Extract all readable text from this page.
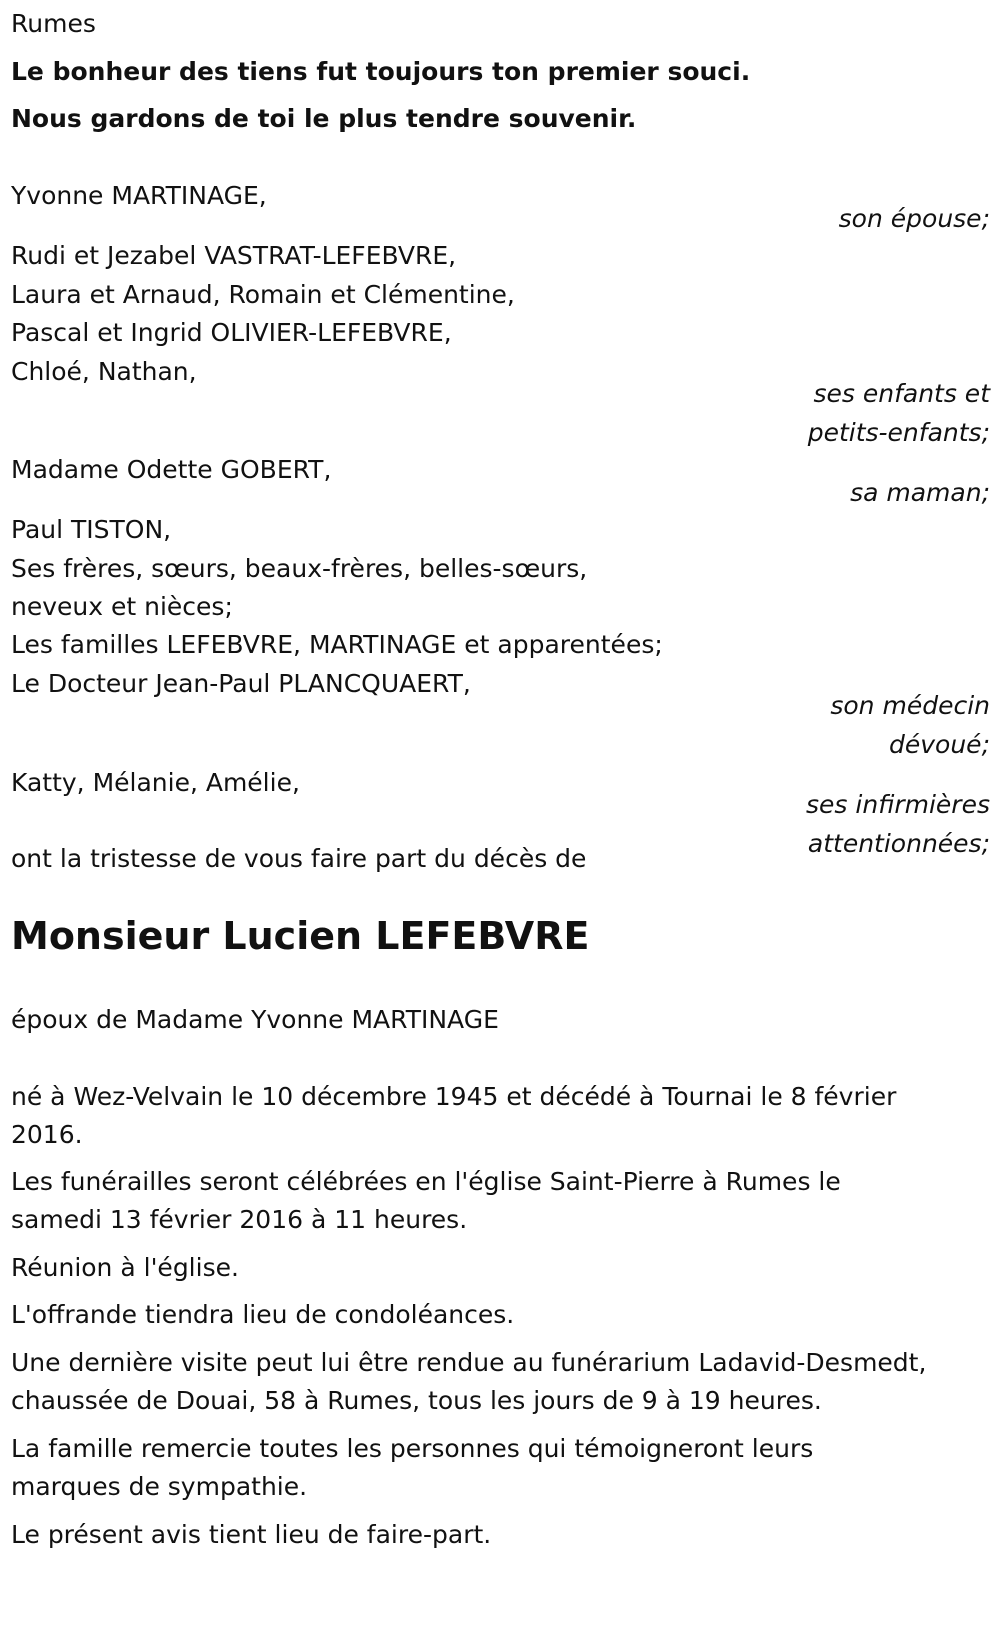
Rumes
Le bonheur des tiens fut toujours ton premier souci.
Nous gardons de toi le plus tendre souvenir.
Yvonne MARTINAGE,
son épouse;
Rudi et Jezabel VASTRAT-LEFEBVRE,
Laura et Arnaud, Romain et Clémentine,
Pascal et Ingrid OLIVIER-LEFEBVRE,
Chloé, Nathan,
ses enfants et
petits-enfants;
Madame Odette GOBERT,
sa maman;
Paul TISTON,
Ses frères, sœurs, beaux-frères, belles-sœurs,
neveux et nièces;
Les familles LEFEBVRE, MARTINAGE et apparentées;
Le Docteur Jean-Paul PLANCQUAERT,
son médecin
dévoué;
Katty, Mélanie, Amélie,
ses infirmières
attentionnées;
ont la tristesse de vous faire part du décès de
Monsieur Lucien LEFEBVRE
époux de Madame Yvonne MARTINAGE
né à Wez-Velvain le 10 décembre 1945 et décédé à Tournai le 8 février
2016.
Les funérailles seront célébrées en l'église Saint-Pierre à Rumes le
samedi 13 février 2016 à 11 heures.
Réunion à l'église.
L'offrande tiendra lieu de condoléances.
Une dernière visite peut lui être rendue au funérarium Ladavid-Desmedt,
chaussée de Douai, 58 à Rumes, tous les jours de 9 à 19 heures.
La famille remercie toutes les personnes qui témoigneront leurs
marques de sympathie.
Le présent avis tient lieu de faire-part.
